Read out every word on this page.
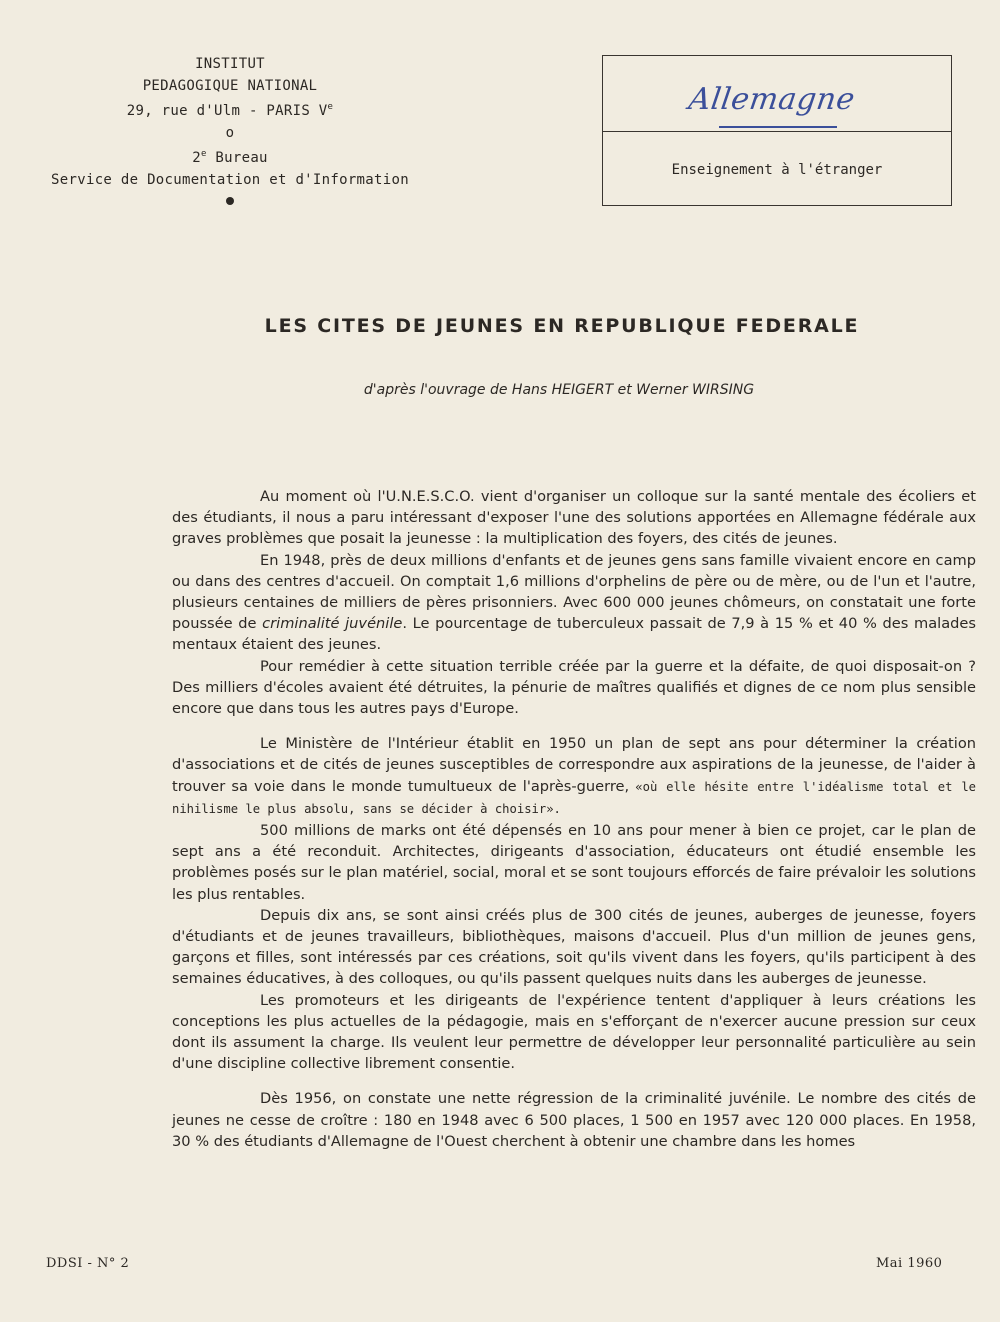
INSTITUT
PEDAGOGIQUE NATIONAL
29, rue d'Ulm - PARIS Ve
o
2e Bureau
Service de Documentation et d'Information
Allemagne
Enseignement à l'étranger
LES CITES DE JEUNES EN REPUBLIQUE FEDERALE
d'après l'ouvrage de Hans HEIGERT et Werner WIRSING

Au moment où l'U.N.E.S.C.O. vient d'organiser un colloque sur la santé mentale des écoliers et des étudiants, il nous a paru intéressant d'exposer l'une des solutions apportées en Allemagne fédérale aux graves problèmes que posait la jeunesse : la multiplication des foyers, des cités de jeunes.

En 1948, près de deux millions d'enfants et de jeunes gens sans famille vivaient encore en camp ou dans des centres d'accueil. On comptait 1,6 millions d'orphelins de père ou de mère, ou de l'un et l'autre, plusieurs centaines de milliers de pères prisonniers. Avec 600 000 jeunes chômeurs, on constatait une forte poussée de criminalité juvénile. Le pourcentage de tuberculeux passait de 7,9 à 15 % et 40 % des malades mentaux étaient des jeunes.

Pour remédier à cette situation terrible créée par la guerre et la défaite, de quoi disposait-on ? Des milliers d'écoles avaient été détruites, la pénurie de maîtres qualifiés et dignes de ce nom plus sensible encore que dans tous les autres pays d'Europe.

Le Ministère de l'Intérieur établit en 1950 un plan de sept ans pour déterminer la création d'associations et de cités de jeunes susceptibles de correspondre aux aspirations de la jeunesse, de l'aider à trouver sa voie dans le monde tumultueux de l'après-guerre, «où elle hésite entre l'idéalisme total et le nihilisme le plus absolu, sans se décider à choisir».

500 millions de marks ont été dépensés en 10 ans pour mener à bien ce projet, car le plan de sept ans a été reconduit. Architectes, dirigeants d'association, éducateurs ont étudié ensemble les problèmes posés sur le plan matériel, social, moral et se sont toujours efforcés de faire prévaloir les solutions les plus rentables.

Depuis dix ans, se sont ainsi créés plus de 300 cités de jeunes, auberges de jeunesse, foyers d'étudiants et de jeunes travailleurs, bibliothèques, maisons d'accueil. Plus d'un million de jeunes gens, garçons et filles, sont intéressés par ces créations, soit qu'ils vivent dans les foyers, qu'ils participent à des semaines éducatives, à des colloques, ou qu'ils passent quelques nuits dans les auberges de jeunesse.

Les promoteurs et les dirigeants de l'expérience tentent d'appliquer à leurs créations les conceptions les plus actuelles de la pédagogie, mais en s'efforçant de n'exercer aucune pression sur ceux dont ils assument la charge. Ils veulent leur permettre de développer leur personnalité particulière au sein d'une discipline collective librement consentie.

Dès 1956, on constate une nette régression de la criminalité juvénile. Le nombre des cités de jeunes ne cesse de croître : 180 en 1948 avec 6 500 places, 1 500 en 1957 avec 120 000 places. En 1958, 30 % des étudiants d'Allemagne de l'Ouest cherchent à obtenir une chambre dans les homes

DDSI - N° 2	Mai 1960
